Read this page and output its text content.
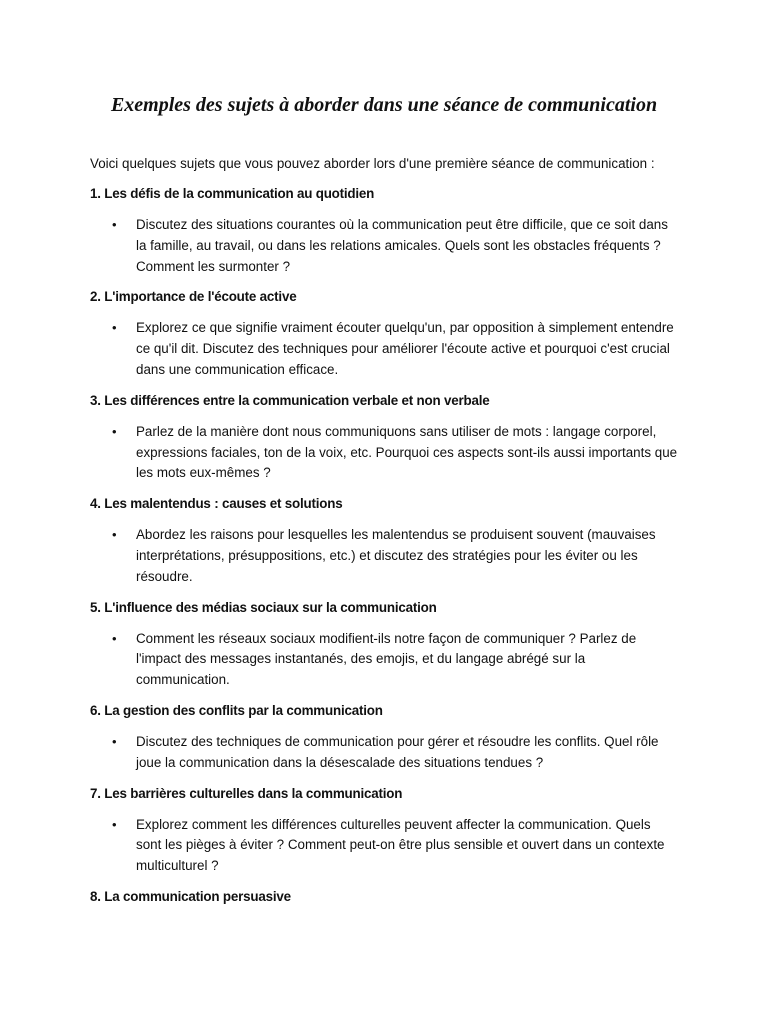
Exemples des sujets à aborder dans une séance de communication

Voici quelques sujets que vous pouvez aborder lors d'une première séance de communication :

1. Les défis de la communication au quotidien
• Discutez des situations courantes où la communication peut être difficile, que ce soit dans la famille, au travail, ou dans les relations amicales. Quels sont les obstacles fréquents ? Comment les surmonter ?
2. L'importance de l'écoute active
• Explorez ce que signifie vraiment écouter quelqu'un, par opposition à simplement entendre ce qu'il dit. Discutez des techniques pour améliorer l'écoute active et pourquoi c'est crucial dans une communication efficace.
3. Les différences entre la communication verbale et non verbale
• Parlez de la manière dont nous communiquons sans utiliser de mots : langage corporel, expressions faciales, ton de la voix, etc. Pourquoi ces aspects sont-ils aussi importants que les mots eux-mêmes ?
4. Les malentendus : causes et solutions
• Abordez les raisons pour lesquelles les malentendus se produisent souvent (mauvaises interprétations, présuppositions, etc.) et discutez des stratégies pour les éviter ou les résoudre.
5. L'influence des médias sociaux sur la communication
• Comment les réseaux sociaux modifient-ils notre façon de communiquer ? Parlez de l'impact des messages instantanés, des emojis, et du langage abrégé sur la communication.
6. La gestion des conflits par la communication
• Discutez des techniques de communication pour gérer et résoudre les conflits. Quel rôle joue la communication dans la désescalade des situations tendues ?
7. Les barrières culturelles dans la communication
• Explorez comment les différences culturelles peuvent affecter la communication. Quels sont les pièges à éviter ? Comment peut-on être plus sensible et ouvert dans un contexte multiculturel ?
8. La communication persuasive
